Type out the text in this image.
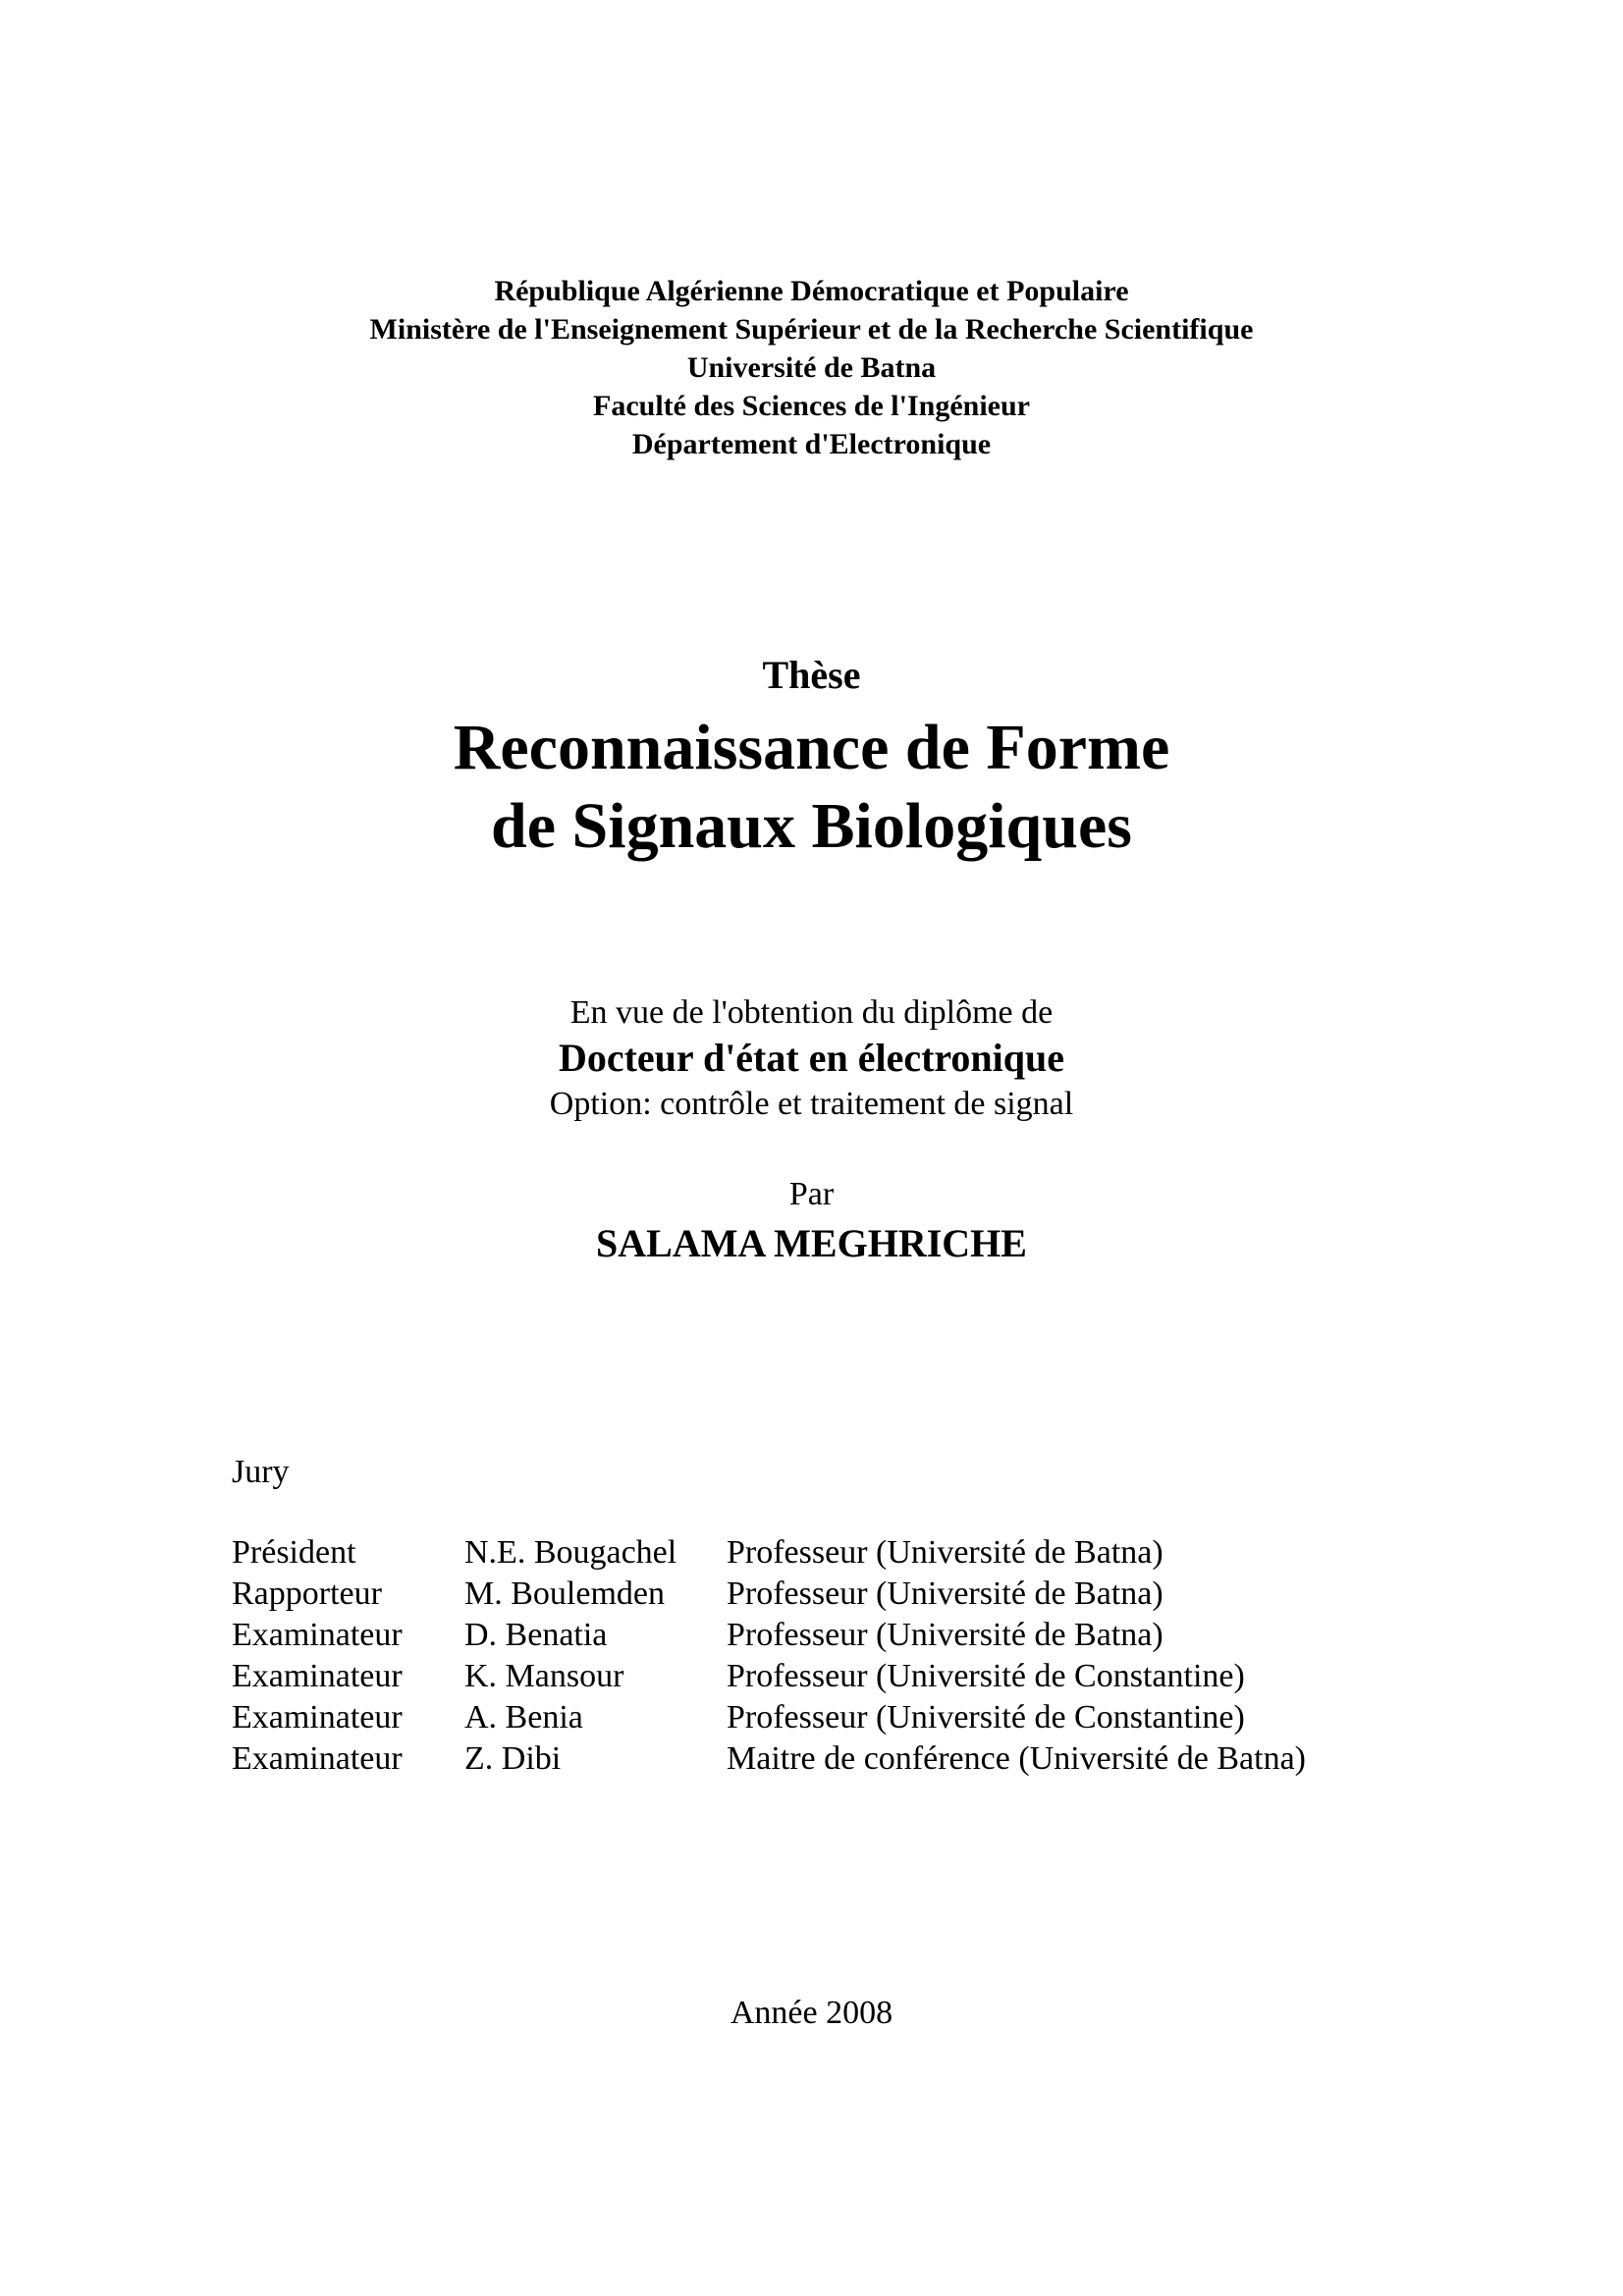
République Algérienne Démocratique et Populaire
Ministère de l'Enseignement Supérieur et de la Recherche Scientifique
Université de Batna
Faculté des Sciences de l'Ingénieur
Département d'Electronique
Thèse
Reconnaissance de Forme
de Signaux Biologiques
En vue de l'obtention du diplôme de
Docteur d'état en électronique
Option: contrôle et traitement de signal
Par
SALAMA MEGHRICHE
Jury
Président	N.E. Bougachel Professeur (Université de Batna)
Rapporteur M. Boulemden Professeur (Université de Batna)
Examinateur D. Benatia	Professeur (Université de Batna)
Examinateur K. Mansour	Professeur (Université de Constantine)
Examinateur A. Benia	Professeur (Université de Constantine)
Examinateur Z. Dibi	Maitre de conférence (Université de Batna)
Année 2008
